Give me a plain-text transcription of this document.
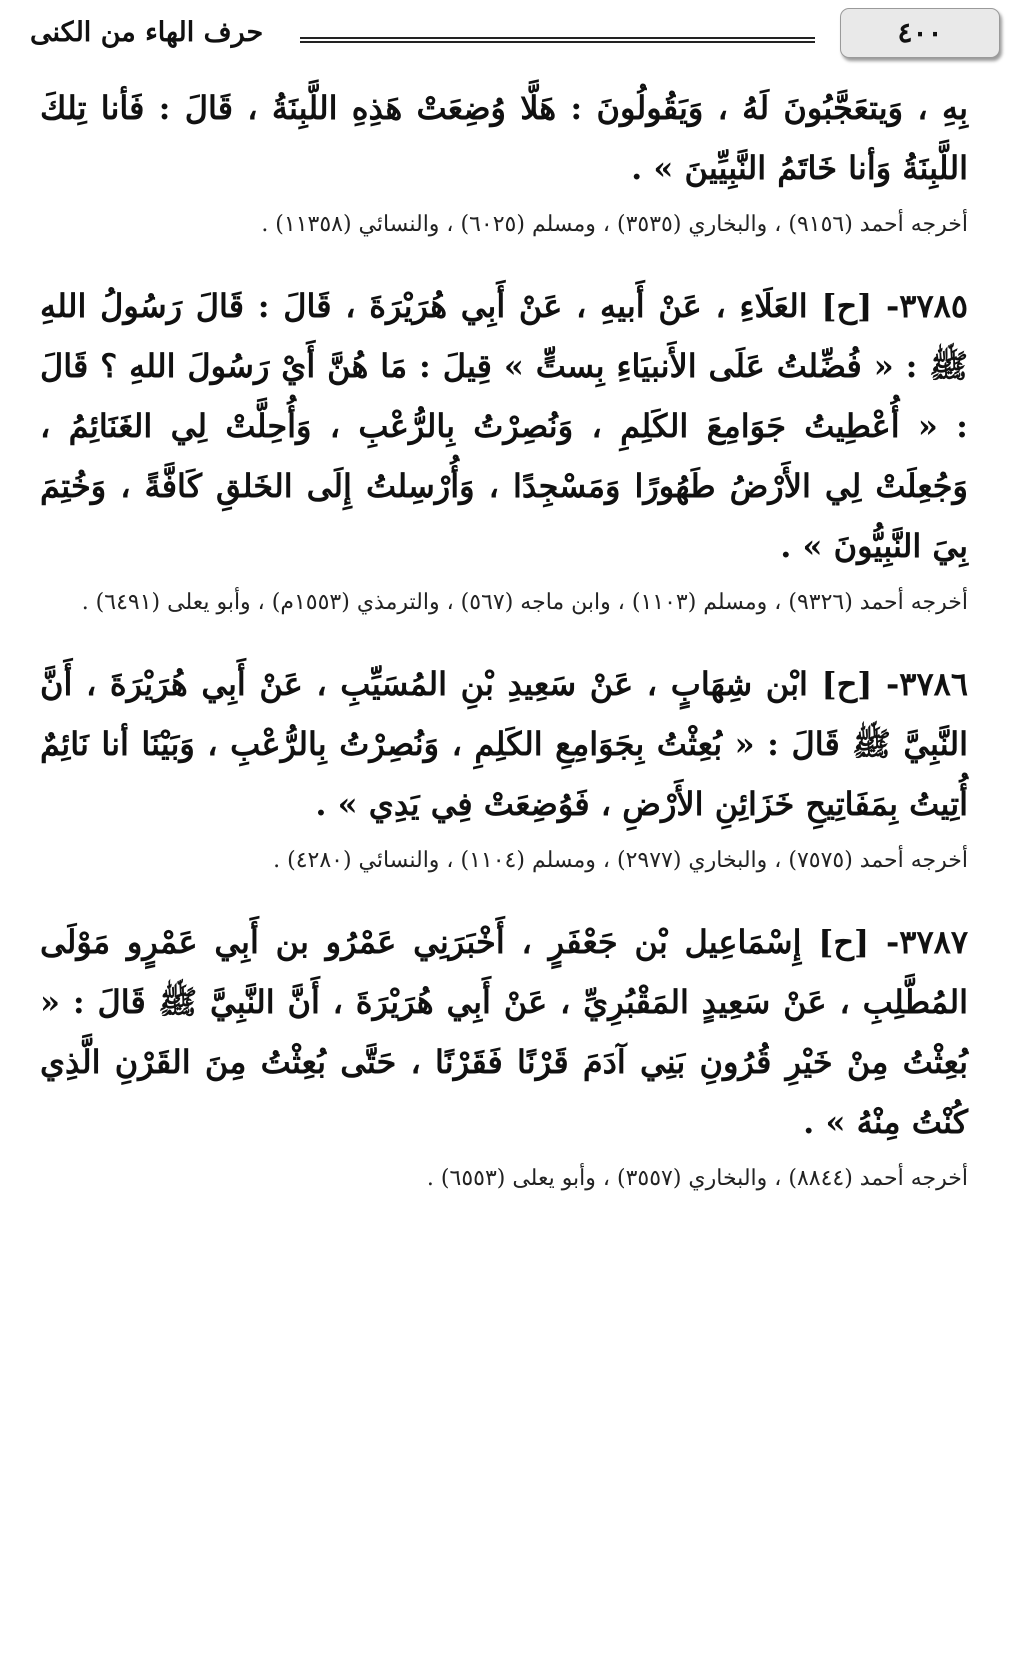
٤٠٠
حرف الهاء من الكنى

بِهِ ، وَيتعَجَّبُونَ لَهُ ، وَيَقُولُونَ : هَلَّا وُضِعَتْ هَذِهِ اللَّبِنَةُ ، قَالَ : فَأنا تِلكَ اللَّبِنَةُ وَأنا خَاتَمُ النَّبِيِّينَ » .

أخرجه أحمد (٩١٥٦) ، والبخاري (٣٥٣٥) ، ومسلم (٦٠٢٥) ، والنسائي (١١٣٥٨) .

٣٧٨٥- [ح] العَلَاءِ ، عَنْ أَبيهِ ، عَنْ أَبِي هُرَيْرَةَ ، قَالَ : قَالَ رَسُولُ اللهِ ﷺ : « فُضِّلتُ عَلَى الأَنبيَاءِ بِستٍّ » قِيلَ : مَا هُنَّ أَيْ رَسُولَ اللهِ ؟ قَالَ : « أُعْطِيتُ جَوَامِعَ الكَلِمِ ، وَنُصِرْتُ بِالرُّعْبِ ، وَأُحِلَّتْ لِي الغَنَائِمُ ، وَجُعِلَتْ لِي الأَرْضُ طَهُورًا وَمَسْجِدًا ، وَأُرْسِلتُ إِلَى الخَلقِ كَافَّةً ، وَخُتِمَ بِيَ النَّبِيُّونَ » .

أخرجه أحمد (٩٣٢٦) ، ومسلم (١١٠٣) ، وابن ماجه (٥٦٧) ، والترمذي (١٥٥٣م) ، وأبو يعلى (٦٤٩١) .

٣٧٨٦- [ح] ابْن شِهَابٍ ، عَنْ سَعِيدِ بْنِ المُسَيِّبِ ، عَنْ أَبِي هُرَيْرَةَ ، أَنَّ النَّبِيَّ ﷺ قَالَ : « بُعِثْتُ بِجَوَامِعِ الكَلِمِ ، وَنُصِرْتُ بِالرُّعْبِ ، وَبَيْنَا أنا نَائِمٌ أُتِيتُ بِمَفَاتِيحِ خَزَائِنِ الأَرْضِ ، فَوُضِعَتْ فِي يَدِي » .

أخرجه أحمد (٧٥٧٥) ، والبخاري (٢٩٧٧) ، ومسلم (١١٠٤) ، والنسائي (٤٢٨٠) .

٣٧٨٧- [ح] إِسْمَاعِيل بْن جَعْفَرٍ ، أَخْبَرَنِي عَمْرُو بن أَبِي عَمْرٍو مَوْلَى المُطَّلِبِ ، عَنْ سَعِيدٍ المَقْبُرِيِّ ، عَنْ أَبِي هُرَيْرَةَ ، أَنَّ النَّبِيَّ ﷺ قَالَ : « بُعِثْتُ مِنْ خَيْرِ قُرُونِ بَنِي آدَمَ قَرْنًا فَقَرْنًا ، حَتَّى بُعِثْتُ مِنَ القَرْنِ الَّذِي كُنْتُ مِنْهُ » .

أخرجه أحمد (٨٨٤٤) ، والبخاري (٣٥٥٧) ، وأبو يعلى (٦٥٥٣) .
